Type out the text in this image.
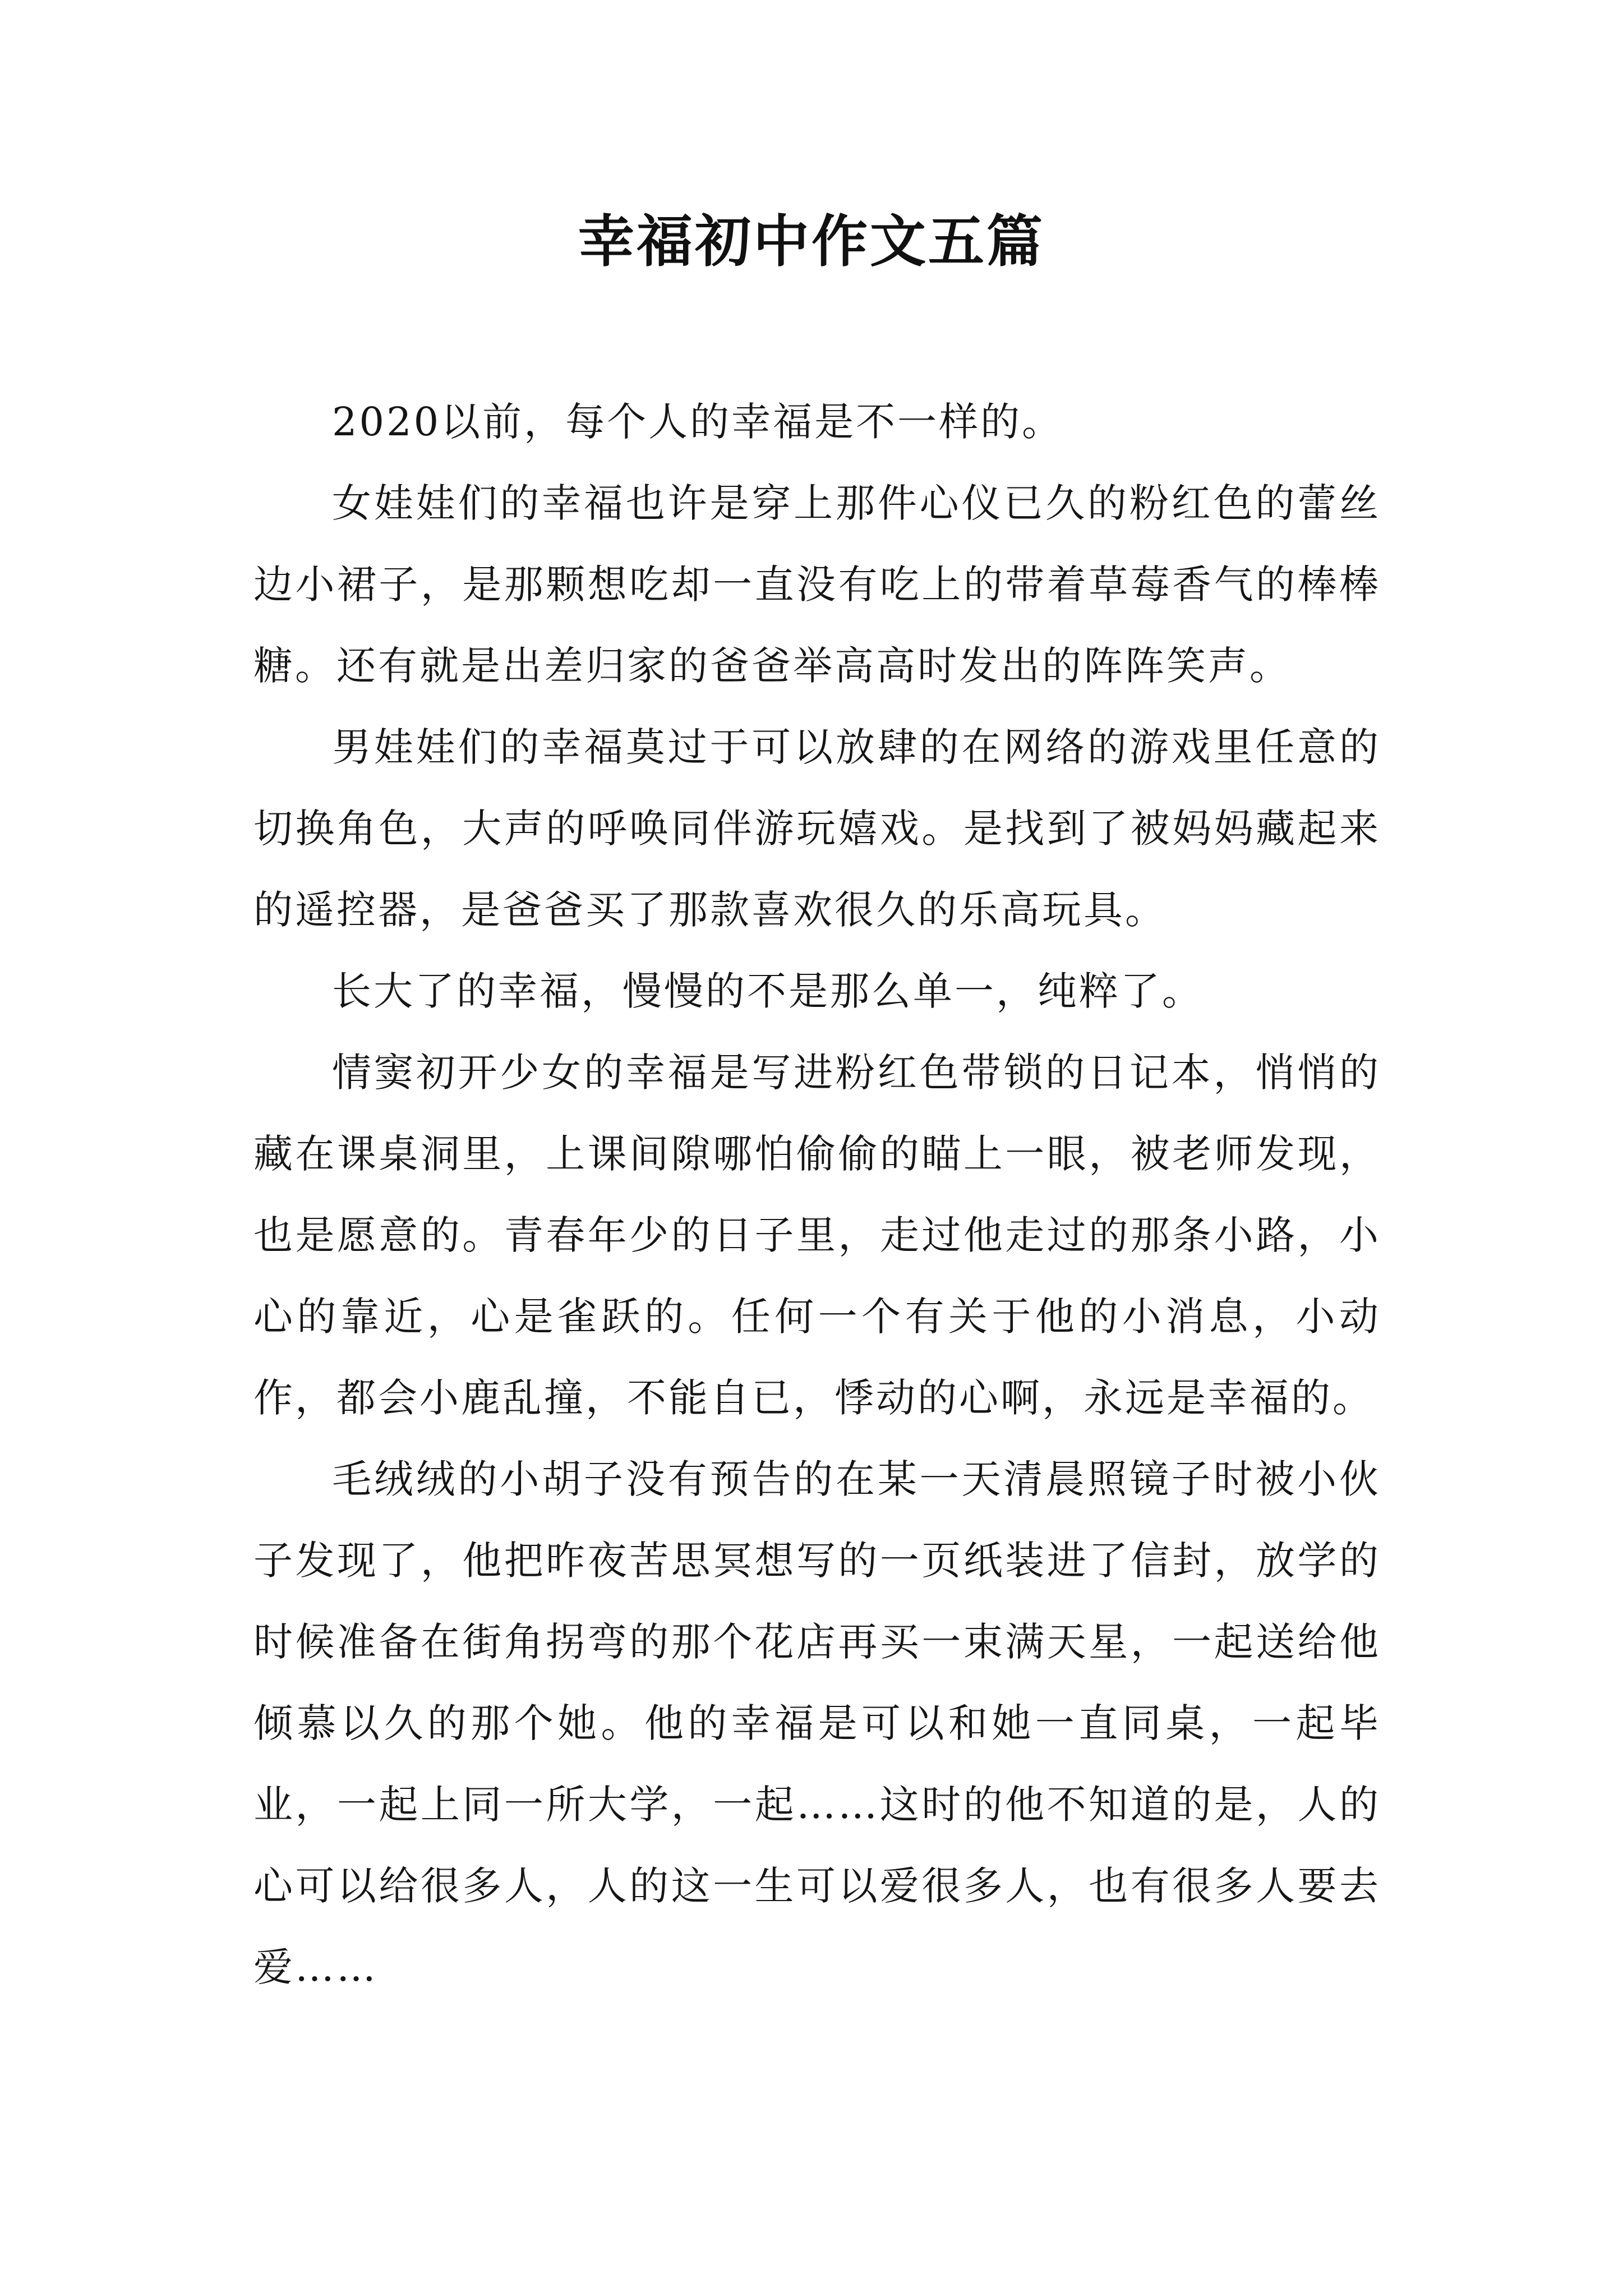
幸福初中作文五篇

2020以前，每个人的幸福是不一样的。

女娃娃们的幸福也许是穿上那件心仪已久的粉红色的蕾丝边小裙子，是那颗想吃却一直没有吃上的带着草莓香气的棒棒糖。还有就是出差归家的爸爸举高高时发出的阵阵笑声。

男娃娃们的幸福莫过于可以放肆的在网络的游戏里任意的切换角色，大声的呼唤同伴游玩嬉戏。是找到了被妈妈藏起来的遥控器，是爸爸买了那款喜欢很久的乐高玩具。

长大了的幸福，慢慢的不是那么单一，纯粹了。

情窦初开少女的幸福是写进粉红色带锁的日记本，悄悄的藏在课桌洞里，上课间隙哪怕偷偷的瞄上一眼，被老师发现，也是愿意的。青春年少的日子里，走过他走过的那条小路，小心的靠近，心是雀跃的。任何一个有关于他的小消息，小动作，都会小鹿乱撞，不能自已，悸动的心啊，永远是幸福的。

毛绒绒的小胡子没有预告的在某一天清晨照镜子时被小伙子发现了，他把昨夜苦思冥想写的一页纸装进了信封，放学的时候准备在街角拐弯的那个花店再买一束满天星，一起送给他倾慕以久的那个她。他的幸福是可以和她一直同桌，一起毕业，一起上同一所大学，一起……这时的他不知道的是，人的心可以给很多人，人的这一生可以爱很多人，也有很多人要去爱……
